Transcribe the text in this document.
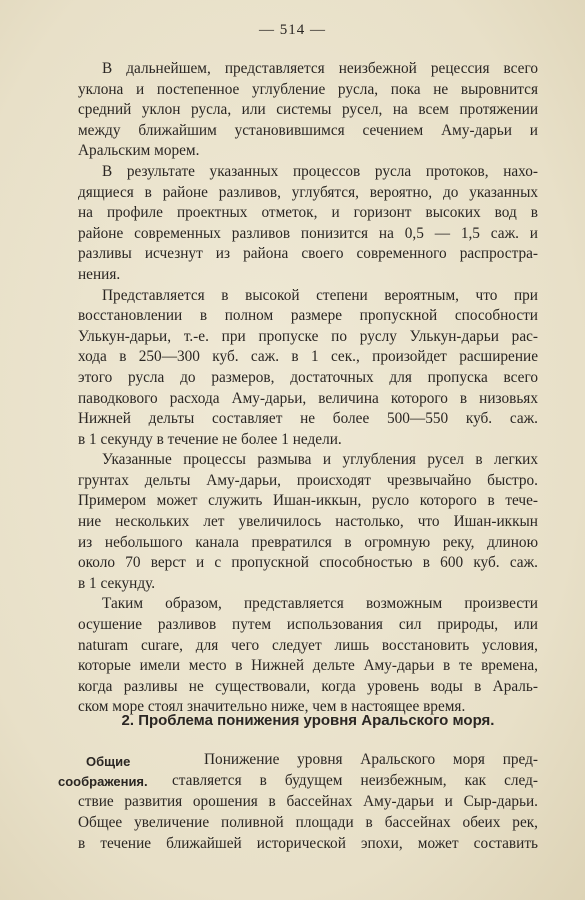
— 514 —

В дальнейшем, представляется неизбежной рецессия всего
уклона и постепенное углубление русла, пока не выровнится
средний уклон русла, или системы русел, на всем протяжении
между ближайшим установившимся сечением Аму-дарьи и
Аральским морем.

В результате указанных процессов русла протоков, нахо-
дящиеся в районе разливов, углубятся, вероятно, до указанных
на профиле проектных отметок, и горизонт высоких вод в
районе современных разливов понизится на 0,5 — 1,5 саж. и
разливы исчезнут из района своего современного распростра-
нения.

Представляется в высокой степени вероятным, что при
восстановлении в полном размере пропускной способности
Улькун-дарьи, т.-е. при пропуске по руслу Улькун-дарьи рас-
хода в 250—300 куб. саж. в 1 сек., произойдет расширение
этого русла до размеров, достаточных для пропуска всего
паводкового расхода Аму-дарьи, величина которого в низовьях
Нижней дельты составляет не более 500—550 куб. саж.
в 1 секунду в течение не более 1 недели.

Указанные процессы размыва и углубления русел в легких
грунтах дельты Аму-дарьи, происходят чрезвычайно быстро.
Примером может служить Ишан-иккын, русло которого в тече-
ние нескольких лет увеличилось настолько, что Ишан-иккын
из небольшого канала превратился в огромную реку, длиною
около 70 верст и с пропускной способностью в 600 куб. саж.
в 1 секунду.

Таким образом, представляется возможным произвести
осушение разливов путем использования сил природы, или
naturam curare, для чего следует лишь восстановить условия,
которые имели место в Нижней дельте Аму-дарьи в те времена,
когда разливы не существовали, когда уровень воды в Араль-
ском море стоял значительно ниже, чем в настоящее время.

2. Проблема понижения уровня Аральского моря.
Общие
соображения.
Понижение уровня Аральского моря пред-
ставляется в будущем неизбежным, как след-
ствие развития орошения в бассейнах Аму-дарьи и Сыр-дарьи.
Общее увеличение поливной площади в бассейнах обеих рек,
в течение ближайшей исторической эпохи, может составить
